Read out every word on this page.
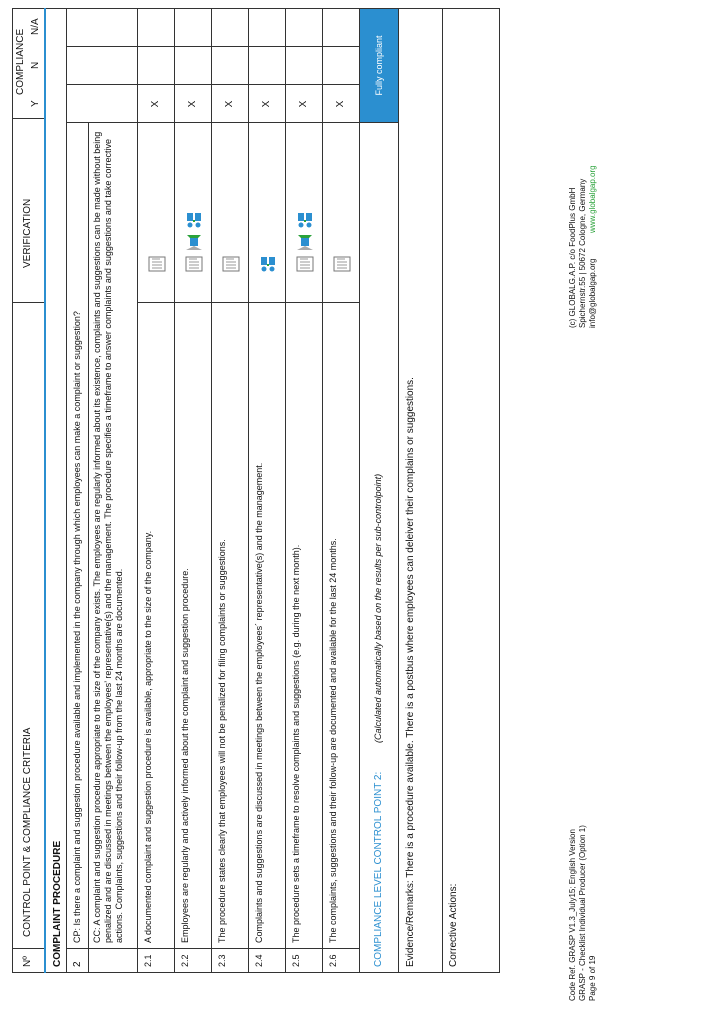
Nº
CONTROL POINT & COMPLIANCE CRITERIA
VERIFICATION
COMPLIANCE
Y
N
N/A
COMPLAINT PROCEDURE 2
CP: Is there a complaint and suggestion procedure available and implemented in the company through which employees can make a complaint or suggestion? CC: A complaint and suggestion procedure appropriate to the size of the company exists. The employees are regularly informed about its existence, complaints and suggestions can be made without being penalized and are discussed in meetings between the employees’ representative(s) and the management. The procedure specifies a timeframe to answer complaints and suggestions and take corrective actions. Complaints, suggestions and their follow-up from the last 24 months are documented.
2.1
A documented complaint and suggestion procedure is available, appropriate to the size of the company.
X
2.2
Employees are regularly and actively informed about the complaint and suggestion procedure.
X
2.3
The procedure states clearly that employees will not be penalized for filing complaints or suggestions.
X
2.4
Complaints and suggestions are discussed in meetings between the employees´ representative(s) and the management.
X
2.5
The procedure sets a timeframe to resolve complaints and suggestions (e.g. during the next month).
X
2.6
The complaints, suggestions and their follow-up are documented and available for the last 24 months.
X
COMPLIANCE LEVEL CONTROL POINT 2:
(Calculated automatically based on the results per sub-controlpoint)
Fully compliant
Evidence/Remarks: There is a procedure available. There is a postbus where employees can deleiver their complains or suggestions.	Corrective Actions:	Code Ref. GRASP V1.3_July15; English Version GRASP - Checklist Individual Producer (Option 1) Page 9 of 19
(c) GLOBALG.A.P. c/o FoodPlus GmbH Spichernstr.55 | 50672 Cologne, Germany info@globalgap.org
www.globalgap.org
